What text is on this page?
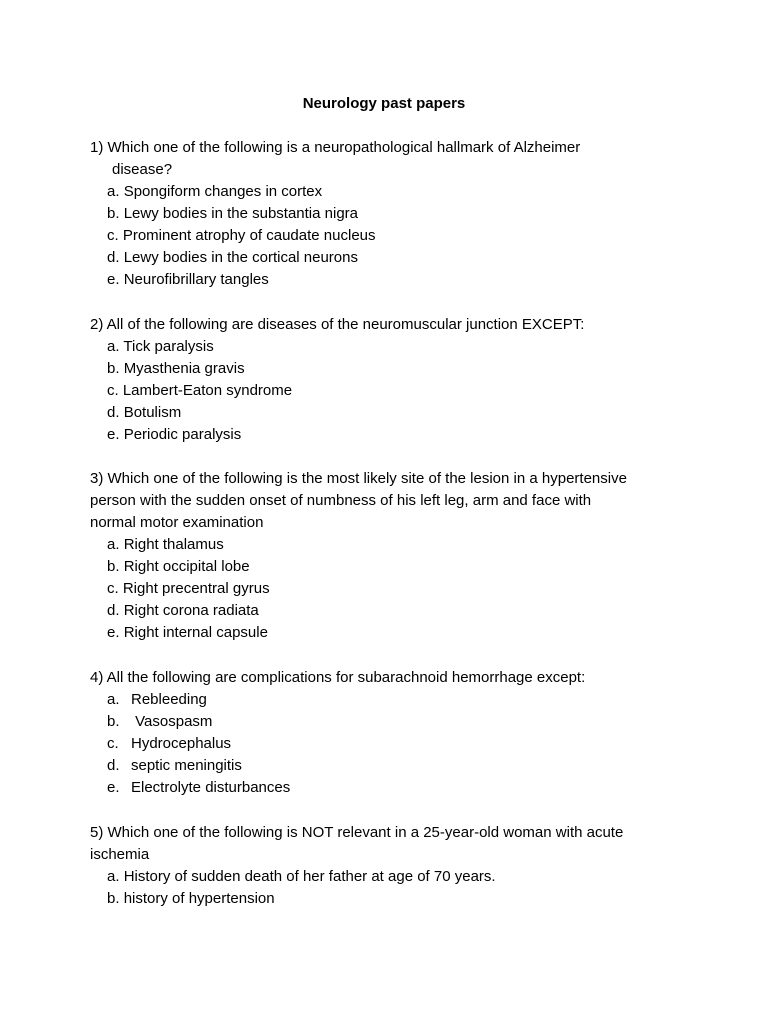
Neurology past papers
1) Which one of the following is a neuropathological hallmark of Alzheimer
disease?
a. Spongiform changes in cortex
b. Lewy bodies in the substantia nigra
c. Prominent atrophy of caudate nucleus
d. Lewy bodies in the cortical neurons
e. Neurofibrillary tangles
2) All of the following are diseases of the neuromuscular junction EXCEPT:
a. Tick paralysis
b. Myasthenia gravis
c. Lambert-Eaton syndrome
d. Botulism
e. Periodic paralysis
3) Which one of the following is the most likely site of the lesion in a hypertensive
person with the sudden onset of numbness of his left leg, arm and face with
normal motor examination
a. Right thalamus
b. Right occipital lobe
c. Right precentral gyrus
d. Right corona radiata
e. Right internal capsule
4) All the following are complications for subarachnoid hemorrhage except:
a. Rebleeding
b. Vasospasm
c. Hydrocephalus
d. septic meningitis
e. Electrolyte disturbances
5) Which one of the following is NOT relevant in a 25-year-old woman with acute
ischemia
a. History of sudden death of her father at age of 70 years.
b. history of hypertension
